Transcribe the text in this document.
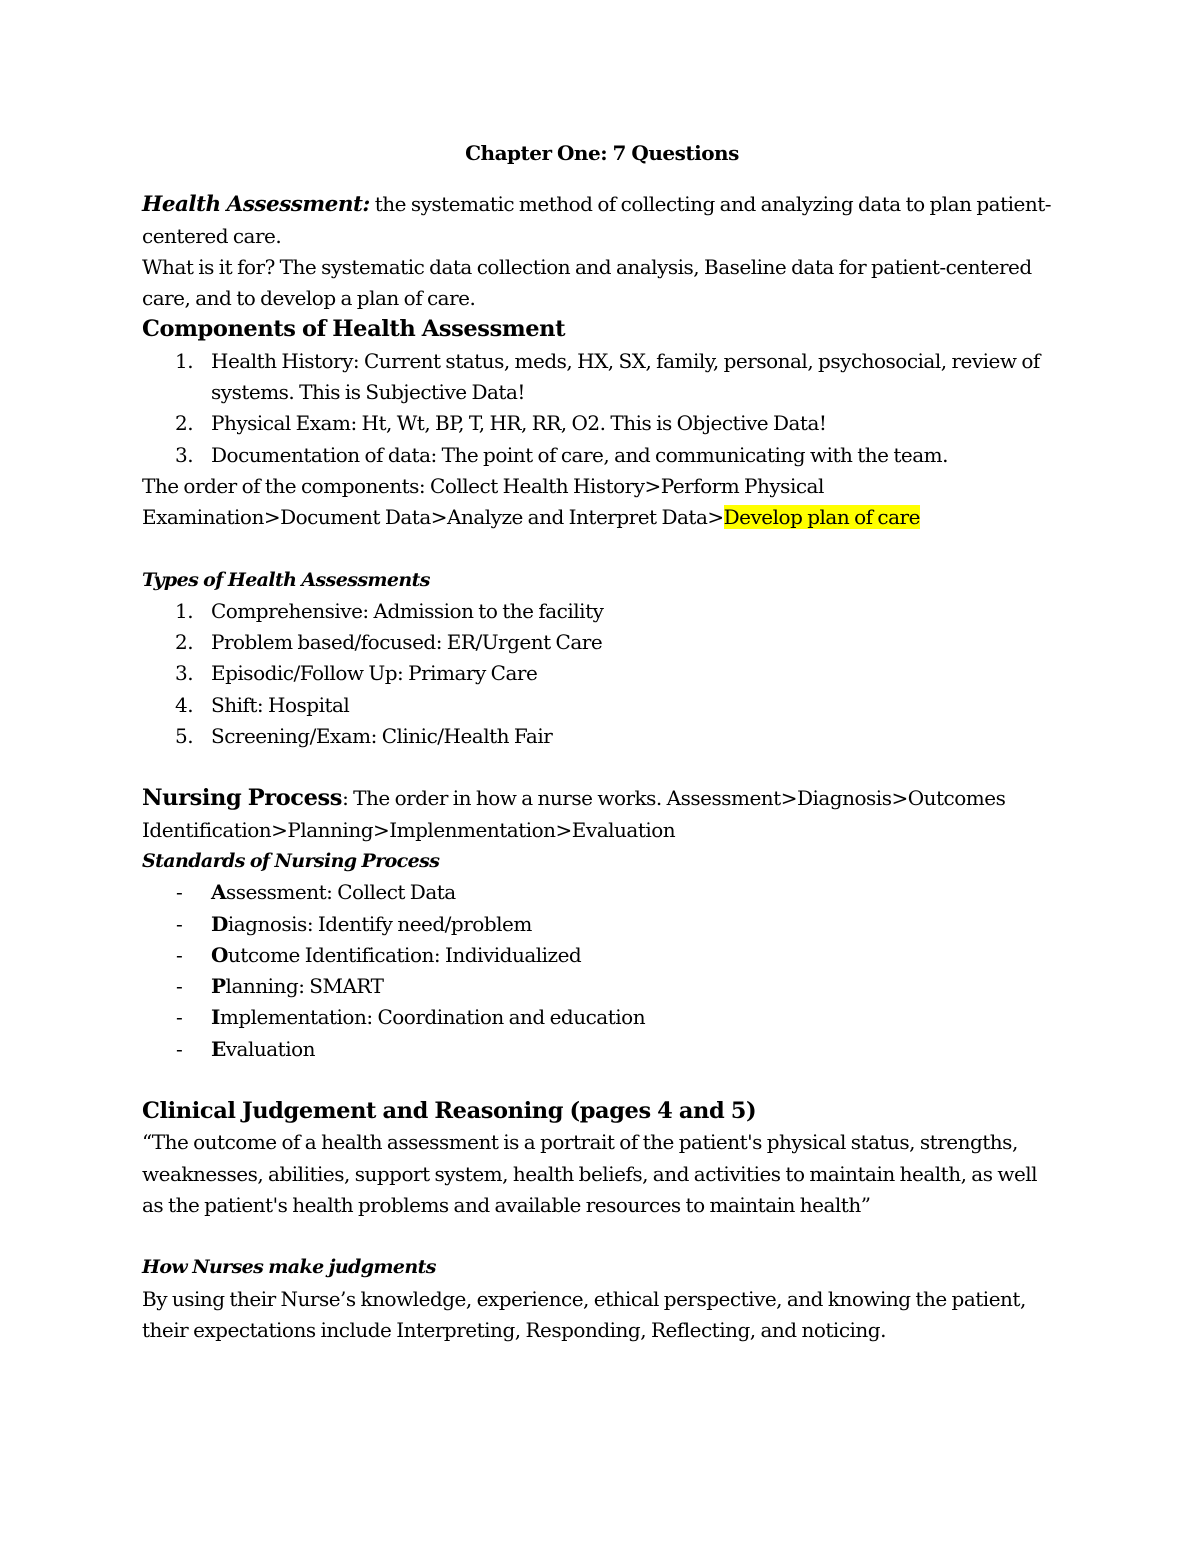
Chapter One: 7 Questions

Health Assessment: the systematic method of collecting and analyzing data to plan patient-centered care.

What is it for? The systematic data collection and analysis, Baseline data for patient-centered care, and to develop a plan of care.

Components of Health Assessment

1. Health History: Current status, meds, HX, SX, family, personal, psychosocial, review of systems. This is Subjective Data!
2. Physical Exam: Ht, Wt, BP, T, HR, RR, O2. This is Objective Data!
3. Documentation of data: The point of care, and communicating with the team.

The order of the components: Collect Health History>Perform Physical Examination>Document Data>Analyze and Interpret Data>Develop plan of care

Types of Health Assessments

1. Comprehensive: Admission to the facility
2. Problem based/focused: ER/Urgent Care
3. Episodic/Follow Up: Primary Care
4. Shift: Hospital
5. Screening/Exam: Clinic/Health Fair

Nursing Process: The order in how a nurse works. Assessment>Diagnosis>Outcomes Identification>Planning>Implenmentation>Evaluation

Standards of Nursing Process

- Assessment: Collect Data
- Diagnosis: Identify need/problem
- Outcome Identification: Individualized
- Planning: SMART
- Implementation: Coordination and education
- Evaluation

Clinical Judgement and Reasoning (pages 4 and 5)

“The outcome of a health assessment is a portrait of the patient's physical status, strengths, weaknesses, abilities, support system, health beliefs, and activities to maintain health, as well as the patient's health problems and available resources to maintain health”

How Nurses make judgments

By using their Nurse’s knowledge, experience, ethical perspective, and knowing the patient, their expectations include Interpreting, Responding, Reflecting, and noticing.
